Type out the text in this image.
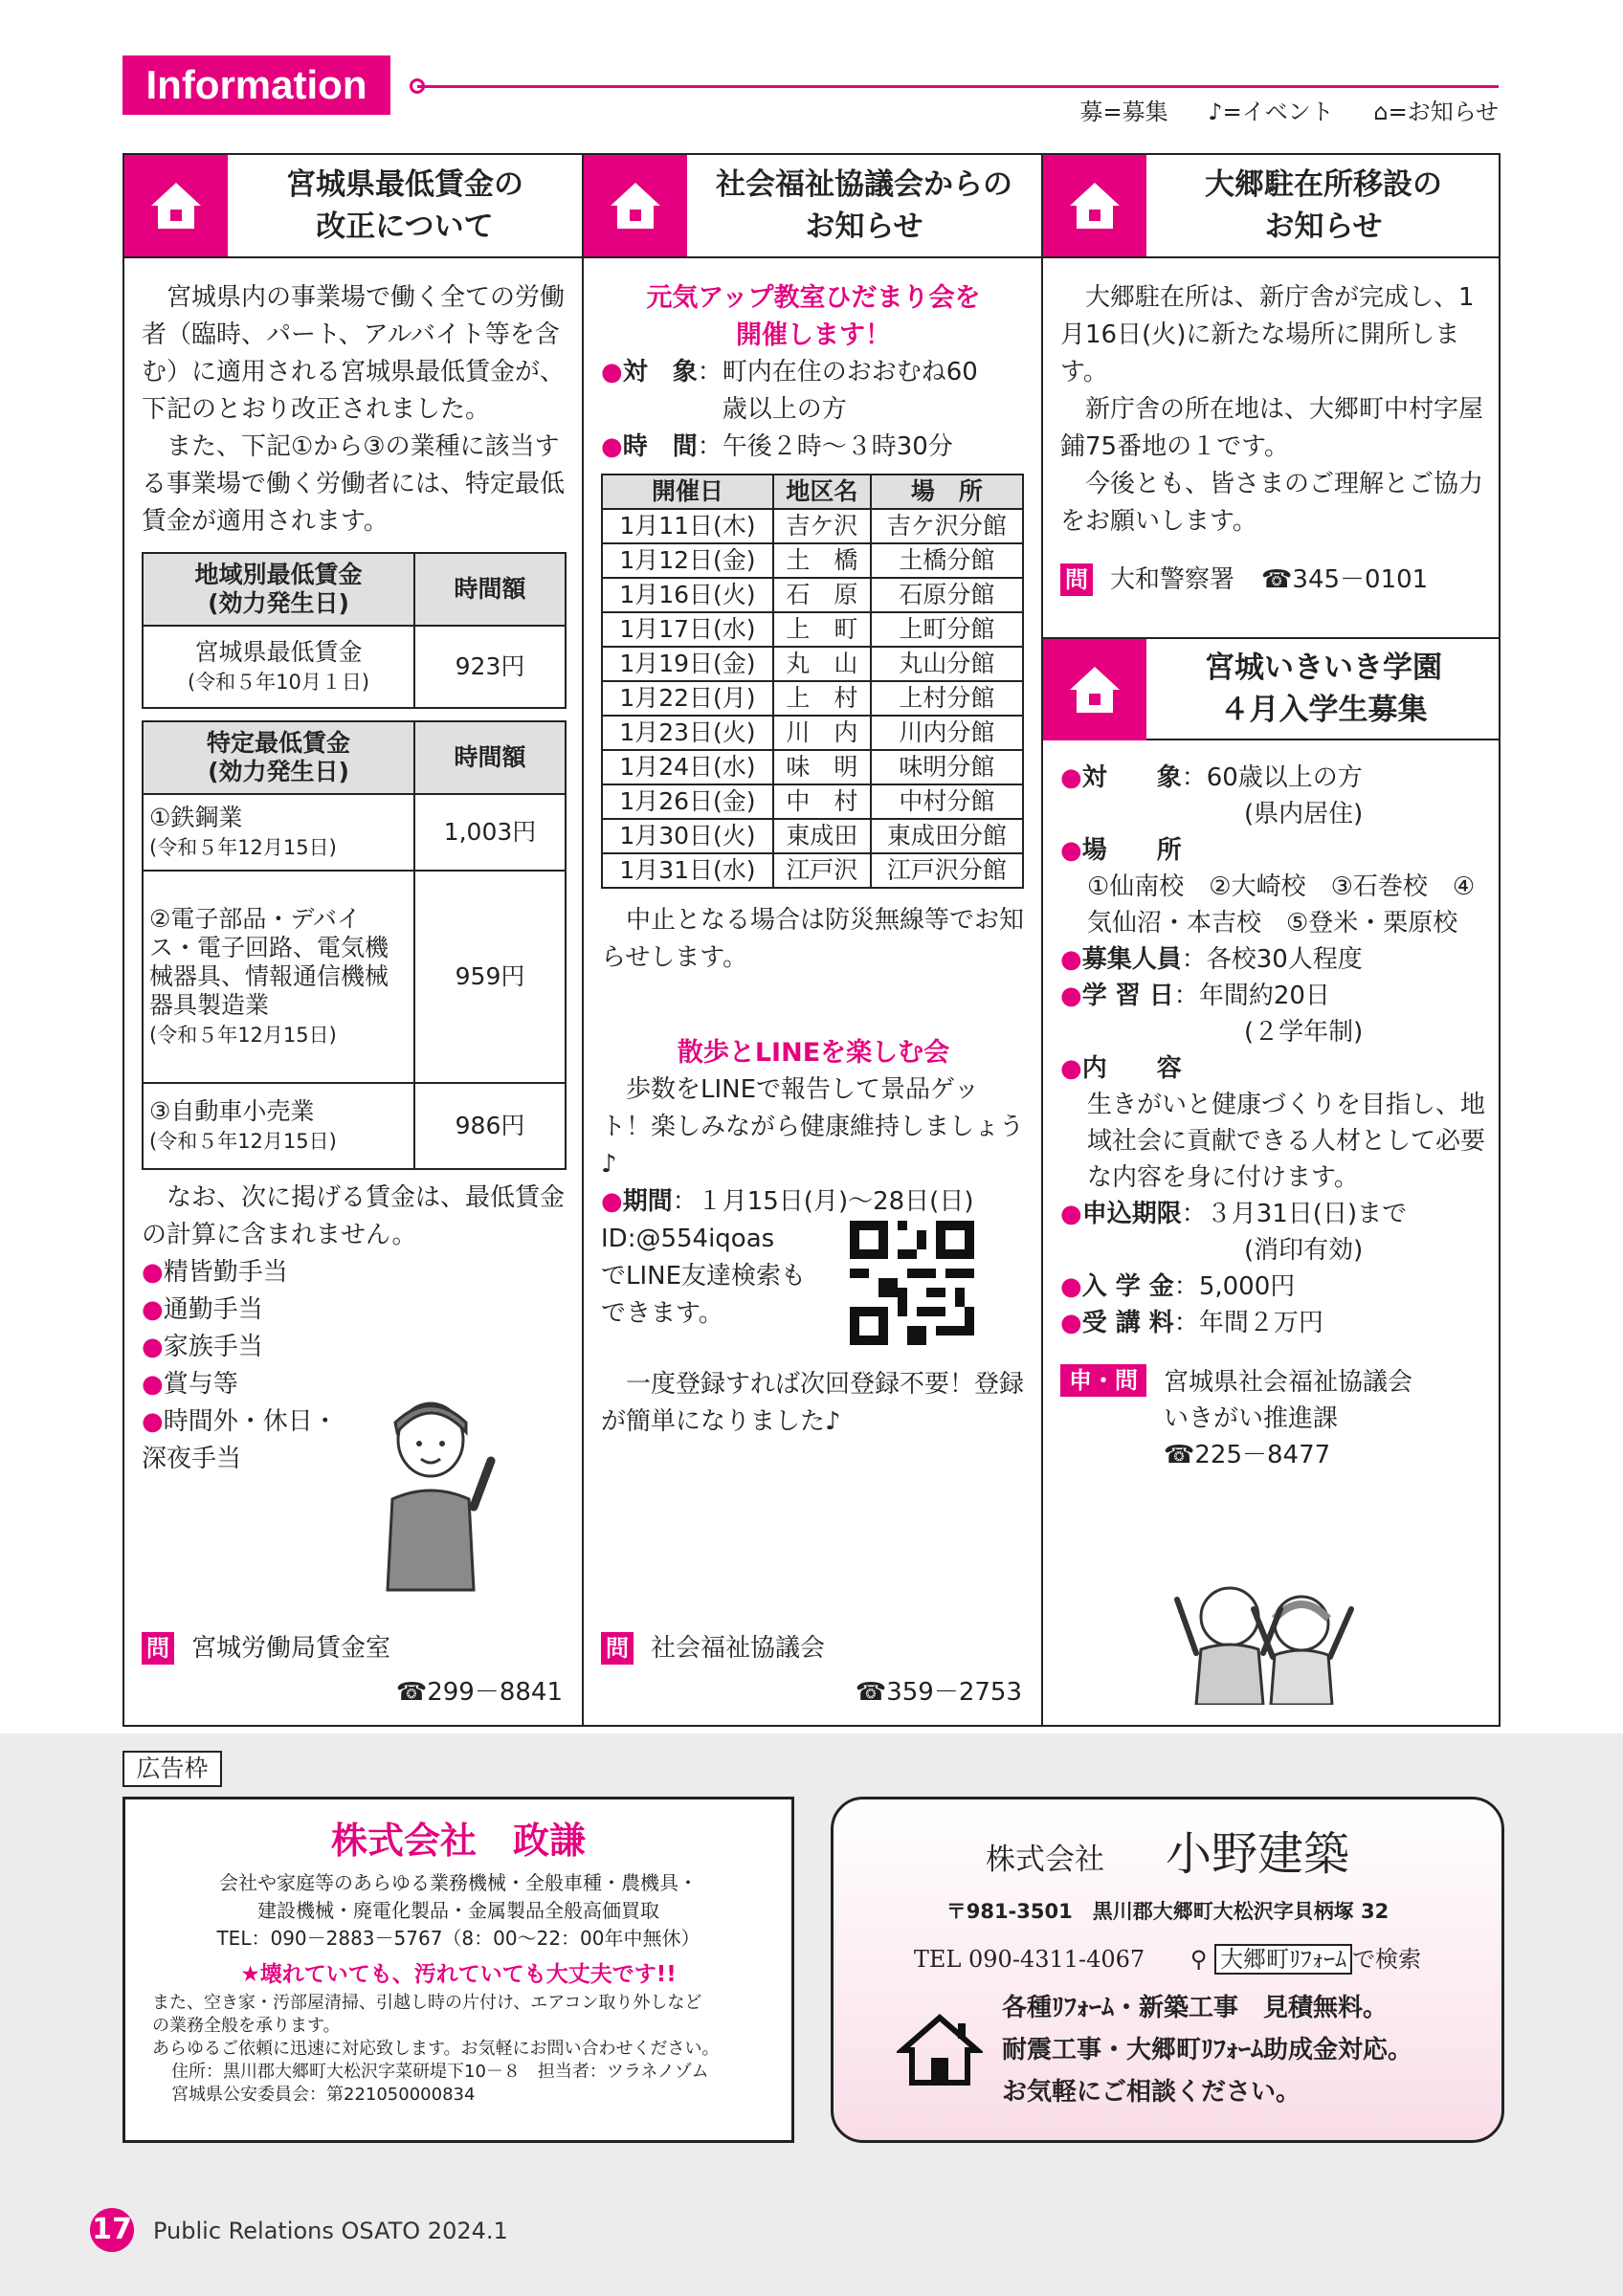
Information
募=募集 ♪=イベント ⌂=お知らせ
宮城県最低賃金の
改正について

宮城県内の事業場で働く全ての労働者（臨時、パート、アルバイト等を含む）に適用される宮城県最低賃金が、下記のとおり改正されました。

また、下記①から③の業種に該当する事業場で働く労働者には、特定最低賃金が適用されます。

地域別最低賃金
(効力発生日)	時間額
宮城県最低賃金
(令和５年10月１日)	923円
特定最低賃金
(効力発生日)	時間額
①鉄鋼業
(令和５年12月15日)	1,003円
②電子部品・デバイス・電子回路、電気機械器具、情報通信機械器具製造業
(令和５年12月15日)	959円
③自動車小売業
(令和５年12月15日)	986円

なお、次に掲げる賃金は、最低賃金の計算に含まれません。

●精皆勤手当
●通勤手当
●家族手当
●賞与等
●時間外・休日・深夜手当
問 宮城労働局賃金室
☎299－8841
社会福祉協議会からの
お知らせ
元気アップ教室ひだまり会を
開催します！
● 対　象 ： 町内在住のおおむね60歳以上の方
●時　間：午後２時～３時30分
開催日	地区名	場　所
1月11日(木)	吉ケ沢	吉ケ沢分館
1月12日(金)	土　橋	土橋分館
1月16日(火)	石　原	石原分館
1月17日(水)	上　町	上町分館
1月19日(金)	丸　山	丸山分館
1月22日(月)	上　村	上村分館
1月23日(火)	川　内	川内分館
1月24日(水)	味　明	味明分館
1月26日(金)	中　村	中村分館
1月30日(火)	東成田	東成田分館
1月31日(水)	江戸沢	江戸沢分館

中止となる場合は防災無線等でお知らせします。

散歩とLINEを楽しむ会

歩数をLINEで報告して景品ゲット！楽しみながら健康維持しましょう♪

●期間：１月15日(月)～28日(日)
ID:@554iqoas
でLINE友達検索もできます。

一度登録すれば次回登録不要！登録が簡単になりました♪

問 社会福祉協議会
☎359－2753
大郷駐在所移設の
お知らせ

大郷駐在所は、新庁舎が完成し、1月16日(火)に新たな場所に開所します。

新庁舎の所在地は、大郷町中村字屋鋪75番地の１です。

今後とも、皆さまのご理解とご協力をお願いします。

問 大和警察署 ☎345－0101
宮城いきいき学園
４月入学生募集
●対　　象：60歳以上の方
(県内居住)
●場　　所
①仙南校　②大崎校　③石巻校　④気仙沼・本吉校　⑤登米・栗原校
●募集人員：各校30人程度
●学 習 日：年間約20日
(２学年制)
●内　　容
生きがいと健康づくりを目指し、地域社会に貢献できる人材として必要な内容を身に付けます。
●申込期限：３月31日(日)まで
(消印有効)
●入 学 金：5,000円
●受 講 料：年間２万円
申・問	宮城県社会福祉協議会
いきがい推進課
☎225－8477
広告枠
株式会社　政謙
会社や家庭等のあらゆる業務機械・全般車種・農機具・
建設機械・廃電化製品・金属製品全般高価買取
TEL：090－2883－5767（8：00～22：00年中無休）
★壊れていても、汚れていても大丈夫です!!
また、空き家・汚部屋清掃、引越し時の片付け、エアコン取り外しなど
の業務全般を承ります。
あらゆるご依頼に迅速に対応致します。お気軽にお問い合わせください。
住所：黒川郡大郷町大松沢字菜研堤下10－８　担当者：ツラネノゾム
宮城県公安委員会：第221050000834
株式会社 小野建築
〒981-3501　黒川郡大郷町大松沢字貝柄塚 32
TEL 090-4311-4067 ⚲ 大郷町ﾘﾌｫｰﾑ で検索
各種ﾘﾌｫｰﾑ・新築工事　見積無料。
耐震工事・大郷町ﾘﾌｫｰﾑ助成金対応。
お気軽にご相談ください。
17 Public Relations OSATO 2024.1
